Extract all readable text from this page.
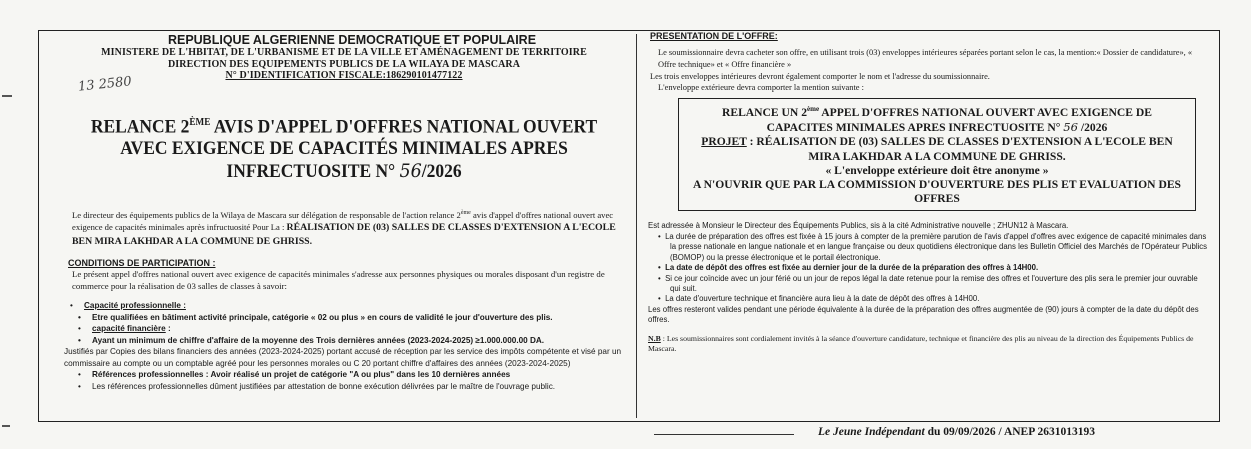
13 2580
REPUBLIQUE ALGERIENNE DEMOCRATIQUE ET POPULAIRE
MINISTERE DE L'HBITAT, DE L'URBANISME ET DE LA VILLE ET AMÉNAGEMENT DE TERRITOIRE
DIRECTION DES EQUIPEMENTS PUBLICS DE LA WILAYA DE MASCARA
N° D'IDENTIFICATION FISCALE:186290101477122
RELANCE 2ÈME AVIS D'APPEL D'OFFRES NATIONAL OUVERT
AVEC EXIGENCE DE CAPACITÉS MINIMALES APRES INFRECTUOSITE N° 56/2026
Le directeur des équipements publics de la Wilaya de Mascara sur délégation de responsable de l'action relance 2ème avis d'appel d'offres national ouvert avec exigence de capacités minimales après infructuosité Pour La : RÉALISATION DE (03) SALLES DE CLASSES D'EXTENSION A L'ECOLE BEN MIRA LAKHDAR A LA COMMUNE DE GHRISS.
CONDITIONS DE PARTICIPATION :
Le présent appel d'offres national ouvert avec exigence de capacités minimales s'adresse aux personnes physiques ou morales disposant d'un registre de commerce pour la réalisation de 03 salles de classes à savoir:
• Capacité professionnelle :
• Etre qualifiées en bâtiment activité principale, catégorie « 02 ou plus » en cours de validité le jour d'ouverture des plis.
• capacité financière :
• Ayant un minimum de chiffre d'affaire de la moyenne des Trois dernières années (2023-2024-2025) ≥1.000.000.00 DA.
Justifiés par Copies des bilans financiers des années (2023-2024-2025) portant accusé de réception par les service des impôts compétente et visé par un commissaire au compte ou un comptable agréé pour les personnes morales ou C 20 portant chiffre d'affaires des années (2023-2024-2025)
• Références professionnelles : Avoir réalisé un projet de catégorie "A ou plus" dans les 10 dernières années
• Les références professionnelles dûment justifiées par attestation de bonne exécution délivrées par le maître de l'ouvrage public.
PRESENTATION DE L'OFFRE:
Le soumissionnaire devra cacheter son offre, en utilisant trois (03) enveloppes intérieures séparées portant selon le cas, la mention:« Dossier de candidature», « Offre technique» et « Offre financière »
Les trois enveloppes intérieures devront également comporter le nom et l'adresse du soumissionnaire.
L'enveloppe extérieure devra comporter la mention suivante :
RELANCE UN 2ème APPEL D'OFFRES NATIONAL OUVERT AVEC EXIGENCE DE
CAPACITES MINIMALES APRES INFRECTUOSITE N° 56 /2026
PROJET : RÉALISATION DE (03) SALLES DE CLASSES D'EXTENSION A L'ECOLE BEN MIRA LAKHDAR A LA COMMUNE DE GHRISS.
« L'enveloppe extérieure doit être anonyme »
A N'OUVRIR QUE PAR LA COMMISSION D'OUVERTURE DES PLIS ET EVALUATION DES OFFRES
Est adressée à Monsieur le Directeur des Équipements Publics, sis à la cité Administrative nouvelle ; ZHUN12 à Mascara.
•  La durée de préparation des offres est fixée à 15 jours à compter de la première parution de l'avis d'appel d'offres avec exigence de capacité minimales dans la presse nationale en langue nationale et en langue française ou deux quotidiens électronique dans les Bulletin Officiel des Marchés de l'Opérateur Publics (BOMOP) ou la presse électronique et le portail électronique.
•  La date de dépôt des offres est fixée au dernier jour de la durée de la préparation des offres à 14H00.
•  Si ce jour coïncide avec un jour férié ou un jour de repos légal la date retenue pour la remise des offres et l'ouverture des plis sera le premier jour ouvrable qui suit.
•  La date d'ouverture technique et financière aura lieu à la date de dépôt des offres à 14H00.
Les offres resteront valides pendant une période équivalente à la durée de la préparation des offres augmentée de (90) jours à compter de la date du dépôt des offres.
N.B : Les soumissionnaires sont cordialement invités à la séance d'ouverture candidature, technique et financière des plis au niveau de la direction des Équipements Publics de Mascara.
Le Jeune Indépendant du 09/09/2026 / ANEP 2631013193
